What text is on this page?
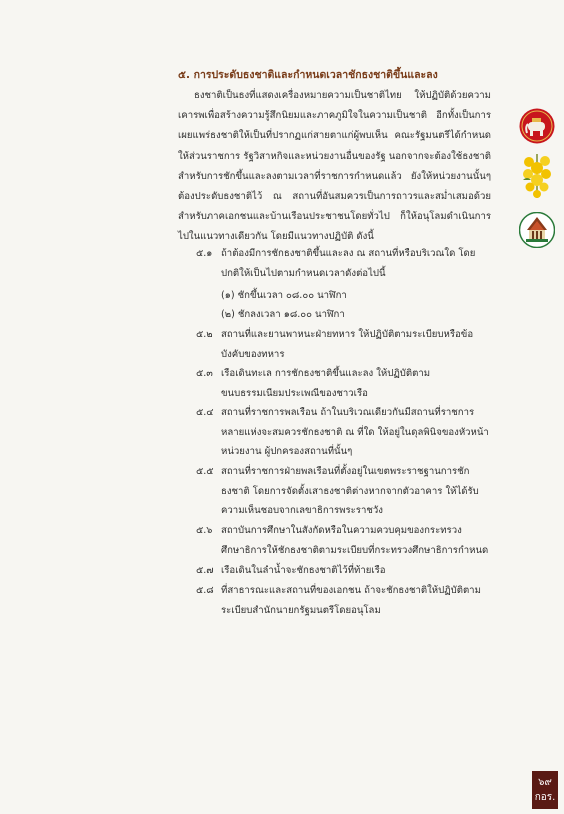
๕. การประดับธงชาติและกำหนดเวลาชักธงชาติขึ้นและลง
ธงชาติเป็นธงที่แสดงเครื่องหมายความเป็นชาติไทย ให้ปฏิบัติด้วยความเคารพเพื่อสร้างความรู้สึกนิยมและภาคภูมิใจในความเป็นชาติ อีกทั้งเป็นการเผยแพร่ธงชาติให้เป็นที่ปรากฏแก่สายตาแก่ผู้พบเห็น คณะรัฐมนตรีได้กำหนดให้ส่วนราชการ รัฐวิสาหกิจและหน่วยงานอื่นของรัฐ นอกจากจะต้องใช้ธงชาติสำหรับการชักขึ้นและลงตามเวลาที่ราชการกำหนดแล้ว ยังให้หน่วยงานนั้นๆ ต้องประดับธงชาติไว้ ณ สถานที่อันสมควรเป็นการถาวรและสม่ำเสมอด้วย สำหรับภาคเอกชนและบ้านเรือนประชาชนโดยทั่วไป ก็ให้อนุโลมดำเนินการไปในแนวทางเดียวกัน โดยมีแนวทางปฏิบัติ ดังนี้
๕.๑ ถ้าต้องมีการชักธงชาติขึ้นและลง ณ สถานที่หรือบริเวณใด โดยปกติให้เป็นไปตามกำหนดเวลาดังต่อไปนี้
(๑) ชักขึ้นเวลา ๐๘.๐๐ นาฬิกา
(๒) ชักลงเวลา ๑๘.๐๐ นาฬิกา
๕.๒ สถานที่และยานพาหนะฝ่ายทหาร ให้ปฏิบัติตามระเบียบหรือข้อบังคับของทหาร
๕.๓ เรือเดินทะเล การชักธงชาติขึ้นและลง ให้ปฏิบัติตามขนบธรรมเนียมประเพณีของชาวเรือ
๕.๔ สถานที่ราชการพลเรือน ถ้าในบริเวณเดียวกันมีสถานที่ราชการหลายแห่งจะสมควรชักธงชาติ ณ ที่ใด ให้อยู่ในดุลพินิจของหัวหน้าหน่วยงาน ผู้ปกครองสถานที่นั้นๆ
๕.๕ สถานที่ราชการฝ่ายพลเรือนที่ตั้งอยู่ในเขตพระราชฐานการชักธงชาติ โดยการจัดตั้งเสาธงชาติต่างหากจากตัวอาคาร ให้ได้รับความเห็นชอบจากเลขาธิการพระราชวัง
๕.๖ สถาบันการศึกษาในสังกัดหรือในความควบคุมของกระทรวงศึกษาธิการให้ชักธงชาติตามระเบียบที่กระทรวงศึกษาธิการกำหนด
๕.๗ เรือเดินในลำน้ำจะชักธงชาติไว้ที่ท้ายเรือ
๕.๘ ที่สาธารณะและสถานที่ของเอกชน ถ้าจะชักธงชาติให้ปฏิบัติตามระเบียบสำนักนายกรัฐมนตรีโดยอนุโลม
๖๙
กอร.
